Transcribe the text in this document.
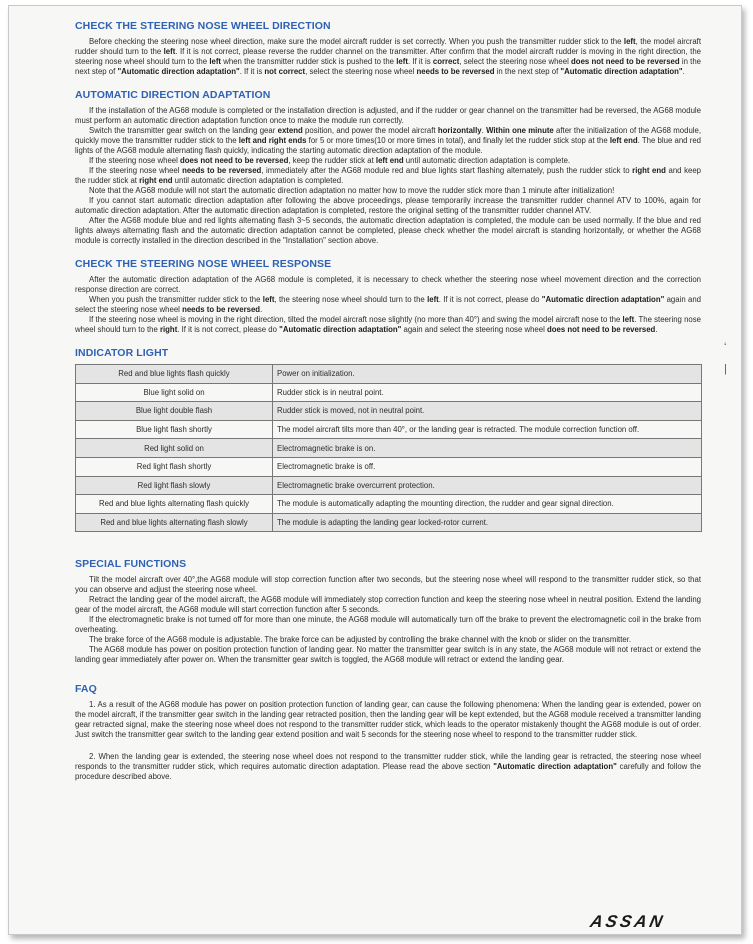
‘
|
CHECK THE STEERING NOSE WHEEL DIRECTION

Before checking the steering nose wheel direction, make sure the model aircraft rudder is set correctly. When you push the transmitter rudder stick to the left, the model aircraft rudder should turn to the left. If it is not correct, please reverse the rudder channel on the transmitter. After confirm that the model aircraft rudder is moving in the right direction, the steering nose wheel should turn to the left when the transmitter rudder stick is pushed to the left. If it is correct, select the steering nose wheel does not need to be reversed in the next step of "Automatic direction adaptation". If it is not correct, select the steering nose wheel needs to be reversed in the next step of "Automatic direction adaptation".

AUTOMATIC DIRECTION ADAPTATION

If the installation of the AG68 module is completed or the installation direction is adjusted, and if the rudder or gear channel on the transmitter had be reversed, the AG68 module must perform an automatic direction adaptation function once to make the module run correctly.

Switch the transmitter gear switch on the landing gear extend position, and power the model aircraft horizontally. Within one minute after the initialization of the AG68 module, quickly move the transmitter rudder stick to the left and right ends for 5 or more times(10 or more times in total), and finally let the rudder stick stop at the left end. The blue and red lights of the AG68 module alternating flash quickly, indicating the starting automatic direction adaptation of the module.

If the steering nose wheel does not need to be reversed, keep the rudder stick at left end until automatic direction adaptation is complete.

If the steering nose wheel needs to be reversed, immediately after the AG68 module red and blue lights start flashing alternately, push the rudder stick to right end and keep the rudder stick at right end until automatic direction adaptation is completed.

Note that the AG68 module will not start the automatic direction adaptation no matter how to move the rudder stick more than 1 minute after initialization!

If you cannot start automatic direction adaptation after following the above proceedings, please temporarily increase the transmitter rudder channel ATV to 100%, again for automatic direction adaptation. After the automatic direction adaptation is completed, restore the original setting of the transmitter rudder channel ATV.

After the AG68 module blue and red lights alternating flash 3~5 seconds, the automatic direction adaptation is completed, the module can be used normally. If the blue and red lights always alternating flash and the automatic direction adaptation cannot be completed, please check whether the model aircraft is standing horizontally, or whether the AG68 module is correctly installed in the direction described in the "Installation" section above.

CHECK THE STEERING NOSE WHEEL RESPONSE

After the automatic direction adaptation of the AG68 module is completed, it is necessary to check whether the steering nose wheel movement direction and the correction response direction are correct.

When you push the transmitter rudder stick to the left, the steering nose wheel should turn to the left. If it is not correct, please do "Automatic direction adaptation" again and select the steering nose wheel needs to be reversed.

If the steering nose wheel is moving in the right direction, tilted the model aircraft nose slightly (no more than 40°) and swing the model aircraft nose to the left. The steering nose wheel should turn to the right. If it is not correct, please do "Automatic direction adaptation" again and select the steering nose wheel does not need to be reversed.

INDICATOR LIGHT
Red and blue lights flash quickly	Power on initialization.
Blue light solid on	Rudder stick is in neutral point.
Blue light double flash	Rudder stick is moved, not in neutral point.
Blue light flash shortly	The model aircraft tilts more than 40°, or the landing gear is retracted. The module correction function off.
Red light solid on	Electromagnetic brake is on.
Red light flash shortly	Electromagnetic brake is off.
Red light flash slowly	Electromagnetic brake overcurrent protection.
Red and blue lights alternating flash quickly	The module is automatically adapting the mounting direction, the rudder and gear signal direction.
Red and blue lights alternating flash slowly	The module is adapting the landing gear locked-rotor current.
SPECIAL FUNCTIONS

Tilt the model aircraft over 40°,the AG68 module will stop correction function after two seconds, but the steering nose wheel will respond to the transmitter rudder stick, so that you can observe and adjust the steering nose wheel.

Retract the landing gear of the model aircraft, the AG68 module will immediately stop correction function and keep the steering nose wheel in neutral position. Extend the landing gear of the model aircraft, the AG68 module will start correction function after 5 seconds.

If the electromagnetic brake is not turned off for more than one minute, the AG68 module will automatically turn off the brake to prevent the electromagnetic coil in the brake from overheating.

The brake force of the AG68 module is adjustable. The brake force can be adjusted by controlling the brake channel with the knob or slider on the transmitter.

The AG68 module has power on position protection function of landing gear. No matter the transmitter gear switch is in any state, the AG68 module will not retract or extend the landing gear immediately after power on. When the transmitter gear switch is toggled, the AG68 module will retract or extend the landing gear.

FAQ

1. As a result of the AG68 module has power on position protection function of landing gear, can cause the following phenomena: When the landing gear is extended, power on the model aircraft, if the transmitter gear switch in the landing gear retracted position, then the landing gear will be kept extended, but the AG68 module received a transmitter landing gear retracted signal, make the steering nose wheel does not respond to the transmitter rudder stick, which leads to the operator mistakenly thought the AG68 module is out of order. Just switch the transmitter gear switch to the landing gear extend position and wait 5 seconds for the steering nose wheel to respond to the transmitter rudder stick.

2. When the landing gear is extended, the steering nose wheel does not respond to the transmitter rudder stick, while the landing gear is retracted, the steering nose wheel responds to the transmitter rudder stick, which requires automatic direction adaptation. Please read the above section "Automatic direction adaptation" carefully and follow the procedure described above.

ASSAN
